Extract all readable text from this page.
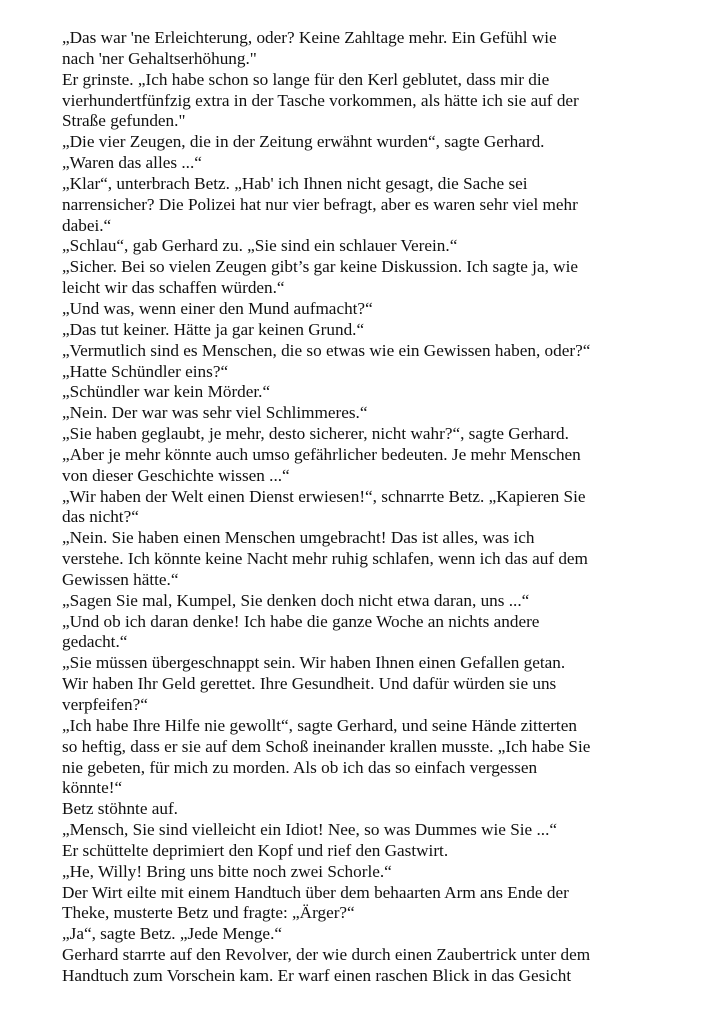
„Das war 'ne Erleichterung, oder? Keine Zahltage mehr. Ein Gefühl wie
nach 'ner Gehaltserhöhung."
Er grinste. „Ich habe schon so lange für den Kerl geblutet, dass mir die
vierhundertfünfzig extra in der Tasche vorkommen, als hätte ich sie auf der
Straße gefunden."
„Die vier Zeugen, die in der Zeitung erwähnt wurden“, sagte Gerhard.
„Waren das alles ...“
„Klar“, unterbrach Betz. „Hab' ich Ihnen nicht gesagt, die Sache sei
narrensicher? Die Polizei hat nur vier befragt, aber es waren sehr viel mehr
dabei.“
„Schlau“, gab Gerhard zu. „Sie sind ein schlauer Verein.“
„Sicher. Bei so vielen Zeugen gibt’s gar keine Diskussion. Ich sagte ja, wie
leicht wir das schaffen würden.“
„Und was, wenn einer den Mund aufmacht?“
„Das tut keiner. Hätte ja gar keinen Grund.“
„Vermutlich sind es Menschen, die so etwas wie ein Gewissen haben, oder?“
„Hatte Schündler eins?“
„Schündler war kein Mörder.“
„Nein. Der war was sehr viel Schlimmeres.“
„Sie haben geglaubt, je mehr, desto sicherer, nicht wahr?“, sagte Gerhard.
„Aber je mehr könnte auch umso gefährlicher bedeuten. Je mehr Menschen
von dieser Geschichte wissen ...“
„Wir haben der Welt einen Dienst erwiesen!“, schnarrte Betz. „Kapieren Sie
das nicht?“
„Nein. Sie haben einen Menschen umgebracht! Das ist alles, was ich
verstehe. Ich könnte keine Nacht mehr ruhig schlafen, wenn ich das auf dem
Gewissen hätte.“
„Sagen Sie mal, Kumpel, Sie denken doch nicht etwa daran, uns ...“
„Und ob ich daran denke! Ich habe die ganze Woche an nichts andere
gedacht.“
„Sie müssen übergeschnappt sein. Wir haben Ihnen einen Gefallen getan.
Wir haben Ihr Geld gerettet. Ihre Gesundheit. Und dafür würden sie uns
verpfeifen?“
„Ich habe Ihre Hilfe nie gewollt“, sagte Gerhard, und seine Hände zitterten
so heftig, dass er sie auf dem Schoß ineinander krallen musste. „Ich habe Sie
nie gebeten, für mich zu morden. Als ob ich das so einfach vergessen
könnte!“
Betz stöhnte auf.
„Mensch, Sie sind vielleicht ein Idiot! Nee, so was Dummes wie Sie ...“
Er schüttelte deprimiert den Kopf und rief den Gastwirt.
„He, Willy! Bring uns bitte noch zwei Schorle.“
Der Wirt eilte mit einem Handtuch über dem behaarten Arm ans Ende der
Theke, musterte Betz und fragte: „Ärger?“
„Ja“, sagte Betz. „Jede Menge.“
Gerhard starrte auf den Revolver, der wie durch einen Zaubertrick unter dem
Handtuch zum Vorschein kam. Er warf einen raschen Blick in das Gesicht
